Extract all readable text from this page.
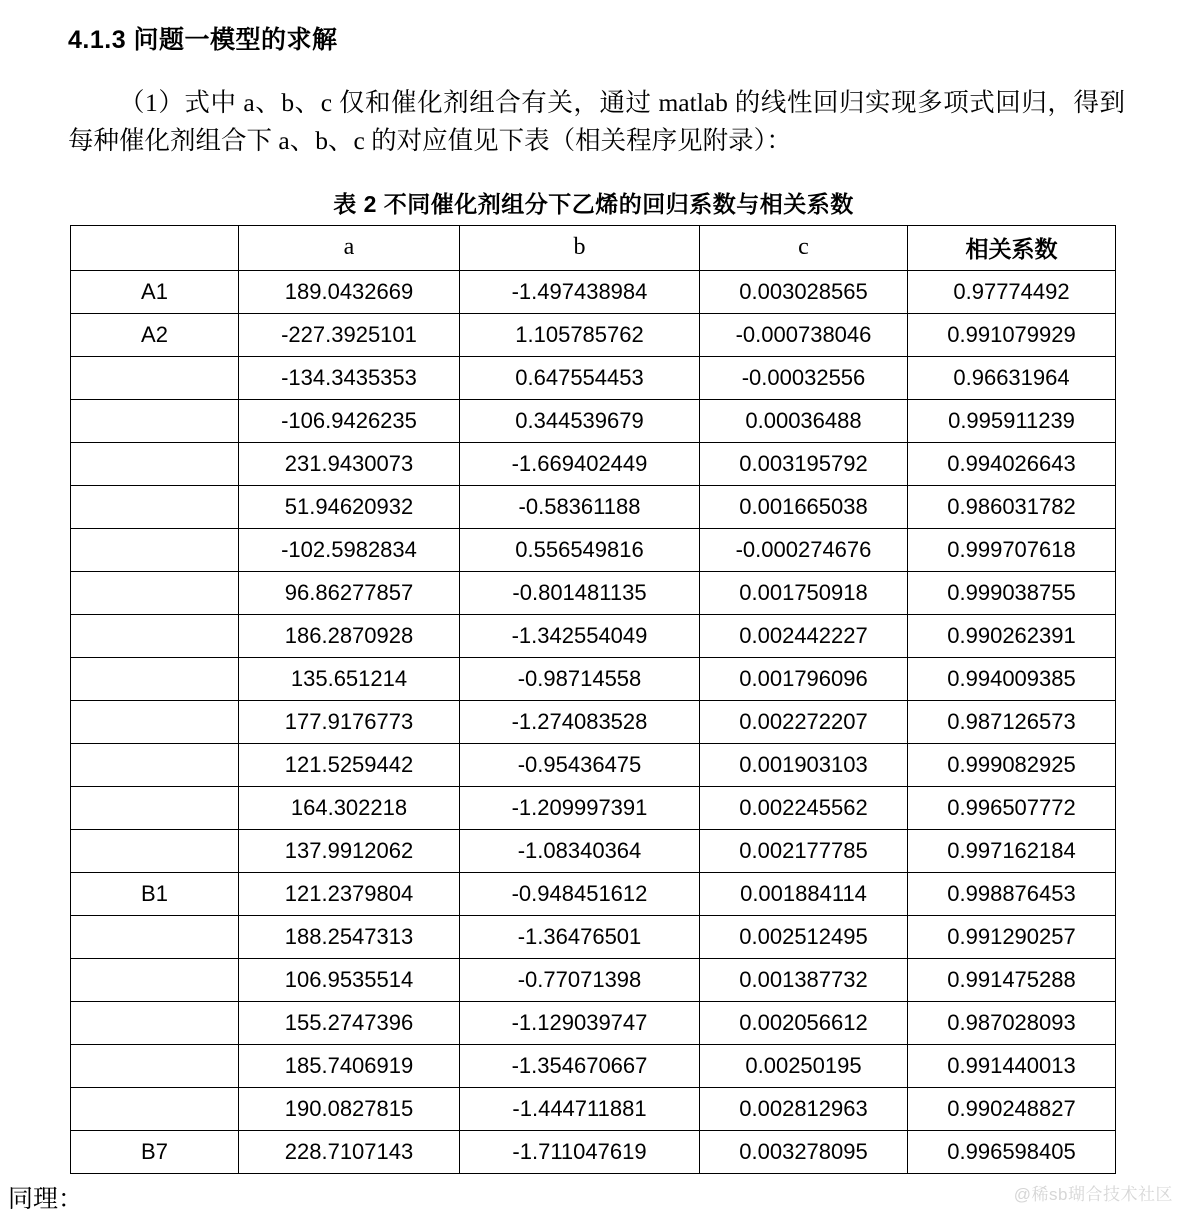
4.1.3 问题一模型的求解

（1）式中 a、b、c 仅和催化剂组合有关，通过 matlab 的线性回归实现多项式回归，得到每种催化剂组合下 a、b、c 的对应值见下表（相关程序见附录）：

表 2 不同催化剂组分下乙烯的回归系数与相关系数
	a	b	c	相关系数
A1	189.0432669	-1.497438984	0.003028565	0.97774492
A2	-227.3925101	1.105785762	-0.000738046	0.991079929
	-134.3435353	0.647554453	-0.00032556	0.96631964
	-106.9426235	0.344539679	0.00036488	0.995911239
	231.9430073	-1.669402449	0.003195792	0.994026643
	51.94620932	-0.58361188	0.001665038	0.986031782
	-102.5982834	0.556549816	-0.000274676	0.999707618
	96.86277857	-0.801481135	0.001750918	0.999038755
	186.2870928	-1.342554049	0.002442227	0.990262391
	135.651214	-0.98714558	0.001796096	0.994009385
	177.9176773	-1.274083528	0.002272207	0.987126573
	121.5259442	-0.95436475	0.001903103	0.999082925
	164.302218	-1.209997391	0.002245562	0.996507772
	137.9912062	-1.08340364	0.002177785	0.997162184
B1	121.2379804	-0.948451612	0.001884114	0.998876453
	188.2547313	-1.36476501	0.002512495	0.991290257
	106.9535514	-0.77071398	0.001387732	0.991475288
	155.2747396	-1.129039747	0.002056612	0.987028093
	185.7406919	-1.354670667	0.00250195	0.991440013
	190.0827815	-1.444711881	0.002812963	0.990248827
B7	228.7107143	-1.711047619	0.003278095	0.996598405
同理：	@稀sb瑚合技术社区
